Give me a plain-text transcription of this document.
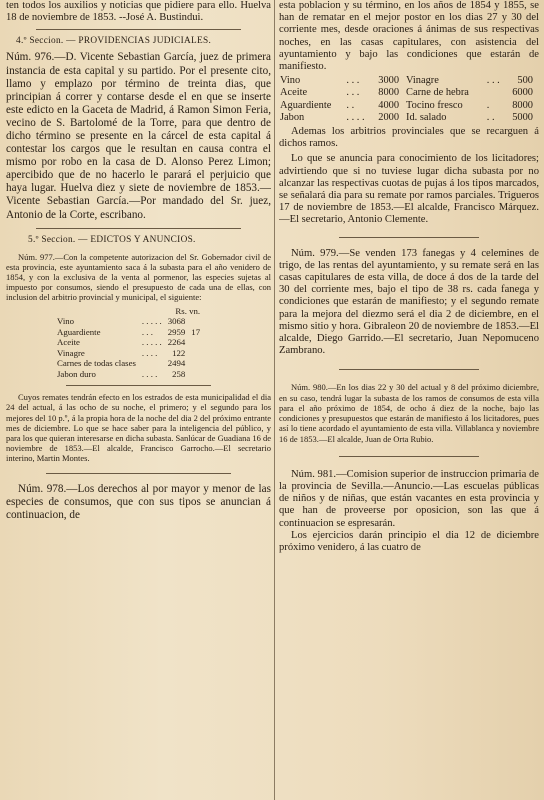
ten todos los auxilios y noticias que pidiere para ello. Huelva 18 de noviembre de 1853. --José A. Bustindui.

4.º Seccion. — PROVIDENCIAS JUDICIALES.

Núm. 976.—D. Vicente Sebastian García, juez de primera instancia de esta capital y su partido. Por el presente cito, llamo y emplazo por término de treinta dias, que principian á correr y contarse desde el en que se inserte este edicto en la Gaceta de Madrid, á Ramon Simon Feria, vecino de S. Bartolomé de la Torre, para que dentro de dicho término se presente en la cárcel de esta capital á contestar los cargos que le resultan en causa contra el mismo por robo en la casa de D. Alonso Perez Limon; apercibido que de no hacerlo le parará el perjuicio que haya lugar. Huelva diez y siete de noviembre de 1853.—Vicente Sebastian García.—Por mandado del Sr. juez, Antonio de la Corte, escribano.

5.º Seccion. — EDICTOS Y ANUNCIOS.

Núm. 977.—Con la competente autorizacion del Sr. Gobernador civil de esta provincia, este ayuntamiento saca á la subasta para el año venidero de 1854, y con la exclusiva de la venta al pormenor, las especies sujetas al impuesto por consumos, siendo el presupuesto de cada una de ellas, con inclusion del arbitrio provincial y municipal, el siguiente:

		Rs. vn.	
Vino	. . . . .	3068	
Aguardiente	. . .	2959	17
Aceite	. . . . .	2264	
Vinagre	. . . .	122	
Carnes de todas clases		2494	
Jabon duro	. . . .	258	

Cuyos remates tendrán efecto en los estrados de esta municipalidad el dia 24 del actual, á las ocho de su noche, el primero; y el segundo para los mejores del 10 p.º, á la propia hora de la noche del dia 2 del próximo entrante mes de diciembre. Lo que se hace saber para la inteligencia del público, y para los que quieran interesarse en dicha subasta. Sanlúcar de Guadiana 16 de noviembre de 1853.—El alcalde, Francisco Garrocho.—El secretario interino, Martin Montes.

Núm. 978.—Los derechos al por mayor y menor de las especies de consumos, que con sus tipos se anuncian á continuacion, de

esta poblacion y su término, en los años de 1854 y 1855, se han de rematar en el mejor postor en los dias 27 y 30 del corriente mes, desde oraciones á ánimas de sus respectivas noches, en las casas capitulares, con asistencia del ayuntamiento y bajo las condiciones que estarán de manifiesto.

Vino	. . .	3000	Vinagre	. . .	500
Aceite	. . .	8000	Carne de hebra		6000
Aguardiente	. .	4000	Tocino fresco	.	8000
Jabon	. . . .	2000	Id. salado	. .	5000

Ademas los arbitrios provinciales que se recarguen á dichos ramos.

Lo que se anuncia para conocimiento de los licitadores; advirtiendo que si no tuviese lugar dicha subasta por no alcanzar las respectivas cuotas de pujas á los tipos marcados, se señalará dia para su remate por ramos parciales. Trigueros 17 de noviembre de 1853.—El alcalde, Francisco Márquez.—El secretario, Antonio Clemente.

Núm. 979.—Se venden 173 fanegas y 4 celemines de trigo, de las rentas del ayuntamiento, y su remate será en las casas capitulares de esta villa, de doce á dos de la tarde del 30 del corriente mes, bajo el tipo de 38 rs. cada fanega y condiciones que estarán de manifiesto; y el segundo remate para la mejora del diezmo será el dia 2 de diciembre, en el mismo sitio y hora. Gibraleon 20 de noviembre de 1853.—El alcalde, Diego Garrido.—El secretario, Juan Nepomuceno Zambrano.

Núm. 980.—En los dias 22 y 30 del actual y 8 del próximo diciembre, en su caso, tendrá lugar la subasta de los ramos de consumos de esta villa para el año próximo de 1854, de ocho á diez de la noche, bajo las condiciones y presupuestos que estarán de manifiesto á los licitadores, pues así lo tiene acordado el ayuntamiento de esta villa. Villablanca y noviembre 16 de 1853.—El alcalde, Juan de Orta Rubio.

Núm. 981.—Comision superior de instruccion primaria de la provincia de Sevilla.—Anuncio.—Las escuelas públicas de niños y de niñas, que están vacantes en esta provincia y que han de proveerse por oposicion, son las que á continuacion se espresarán.

Los ejercicios darán principio el dia 12 de diciembre próximo venidero, á las cuatro de
